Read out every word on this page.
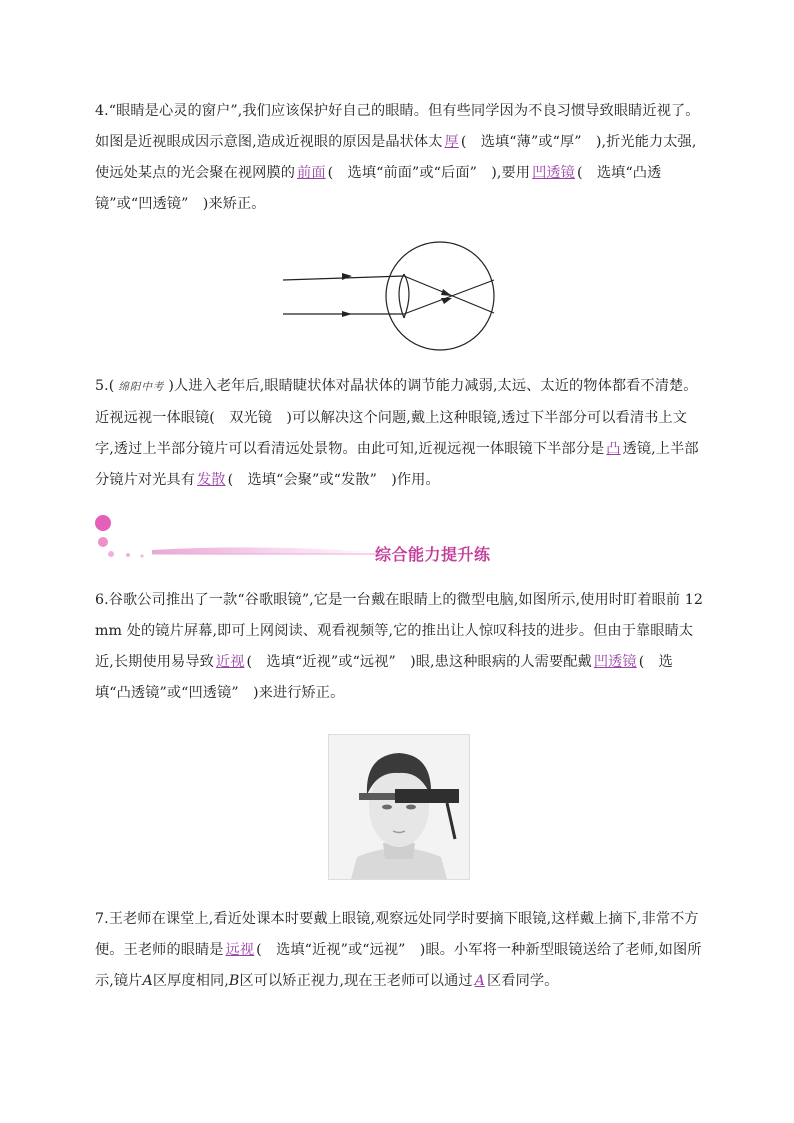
4.“眼睛是心灵的窗户”,我们应该保护好自己的眼睛。但有些同学因为不良习惯导致眼睛近视了。如图是近视眼成因示意图,造成近视眼的原因是晶状体太 厚 (　选填“薄”或“厚”　),折光能力太强,使远处某点的光会聚在视网膜的 前面 (　选填“前面”或“后面”　),要用 凹透镜 (　选填“凸透镜”或“凹透镜”　)来矫正。
5.( 绵阳中考 )人进入老年后,眼睛睫状体对晶状体的调节能力减弱,太远、太近的物体都看不清楚。近视远视一体眼镜(　双光镜　)可以解决这个问题,戴上这种眼镜,透过下半部分可以看清书上文字,透过上半部分镜片可以看清远处景物。由此可知,近视远视一体眼镜下半部分是 凸 透镜,上半部分镜片对光具有 发散 (　选填“会聚”或“发散”　)作用。
综合能力提升练
6.谷歌公司推出了一款“谷歌眼镜”,它是一台戴在眼睛上的微型电脑,如图所示,使用时盯着眼前 12 mm 处的镜片屏幕,即可上网阅读、观看视频等,它的推出让人惊叹科技的进步。但由于靠眼睛太近,长期使用易导致 近视 (　选填“近视”或“远视”　)眼,患这种眼病的人需要配戴 凹透镜 (　选填“凸透镜”或“凹透镜”　)来进行矫正。
7.王老师在课堂上,看近处课本时要戴上眼镜,观察远处同学时要摘下眼镜,这样戴上摘下,非常不方便。王老师的眼睛是 远视 (　选填“近视”或“远视”　)眼。小军将一种新型眼镜送给了老师,如图所示,镜片A区厚度相同,B区可以矫正视力,现在王老师可以通过 A 区看同学。
